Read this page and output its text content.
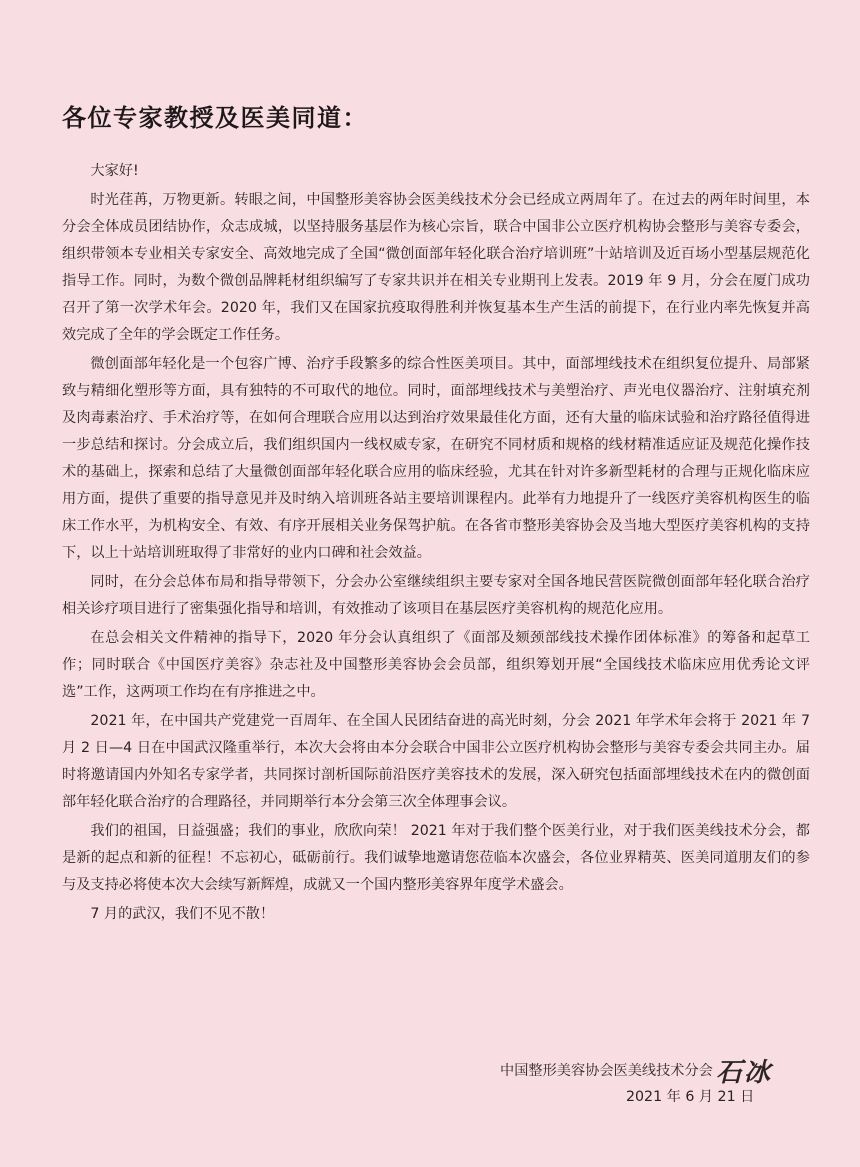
各位专家教授及医美同道：

大家好!

时光荏苒，万物更新。转眼之间，中国整形美容协会医美线技术分会已经成立两周年了。在过去的两年时间里，本分会全体成员团结协作，众志成城，以坚持服务基层作为核心宗旨，联合中国非公立医疗机构协会整形与美容专委会，组织带领本专业相关专家安全、高效地完成了全国“微创面部年轻化联合治疗培训班”十站培训及近百场小型基层规范化指导工作。同时，为数个微创品牌耗材组织编写了专家共识并在相关专业期刊上发表。2019 年 9 月，分会在厦门成功召开了第一次学术年会。2020 年，我们又在国家抗疫取得胜利并恢复基本生产生活的前提下，在行业内率先恢复并高效完成了全年的学会既定工作任务。

微创面部年轻化是一个包容广博、治疗手段繁多的综合性医美项目。其中，面部埋线技术在组织复位提升、局部紧致与精细化塑形等方面，具有独特的不可取代的地位。同时，面部埋线技术与美塑治疗、声光电仪器治疗、注射填充剂及肉毒素治疗、手术治疗等，在如何合理联合应用以达到治疗效果最佳化方面，还有大量的临床试验和治疗路径值得进一步总结和探讨。分会成立后，我们组织国内一线权威专家，在研究不同材质和规格的线材精准适应证及规范化操作技术的基础上，探索和总结了大量微创面部年轻化联合应用的临床经验，尤其在针对许多新型耗材的合理与正规化临床应用方面，提供了重要的指导意见并及时纳入培训班各站主要培训课程内。此举有力地提升了一线医疗美容机构医生的临床工作水平，为机构安全、有效、有序开展相关业务保驾护航。在各省市整形美容协会及当地大型医疗美容机构的支持下，以上十站培训班取得了非常好的业内口碑和社会效益。

同时，在分会总体布局和指导带领下，分会办公室继续组织主要专家对全国各地民营医院微创面部年轻化联合治疗相关诊疗项目进行了密集强化指导和培训，有效推动了该项目在基层医疗美容机构的规范化应用。

在总会相关文件精神的指导下，2020 年分会认真组织了《面部及颏颈部线技术操作团体标准》的筹备和起草工作；同时联合《中国医疗美容》杂志社及中国整形美容协会会员部，组织筹划开展“全国线技术临床应用优秀论文评选”工作，这两项工作均在有序推进之中。

2021 年，在中国共产党建党一百周年、在全国人民团结奋进的高光时刻，分会 2021 年学术年会将于 2021 年 7 月 2 日—4 日在中国武汉隆重举行，本次大会将由本分会联合中国非公立医疗机构协会整形与美容专委会共同主办。届时将邀请国内外知名专家学者，共同探讨剖析国际前沿医疗美容技术的发展，深入研究包括面部埋线技术在内的微创面部年轻化联合治疗的合理路径，并同期举行本分会第三次全体理事会议。

我们的祖国，日益强盛；我们的事业，欣欣向荣！ 2021 年对于我们整个医美行业，对于我们医美线技术分会，都是新的起点和新的征程！不忘初心，砥砺前行。我们诚挚地邀请您莅临本次盛会，各位业界精英、医美同道朋友们的参与及支持必将使本次大会续写新辉煌，成就又一个国内整形美容界年度学术盛会。

7 月的武汉，我们不见不散！

中国整形美容协会医美线技术分会 石冰
2021 年 6 月 21 日
